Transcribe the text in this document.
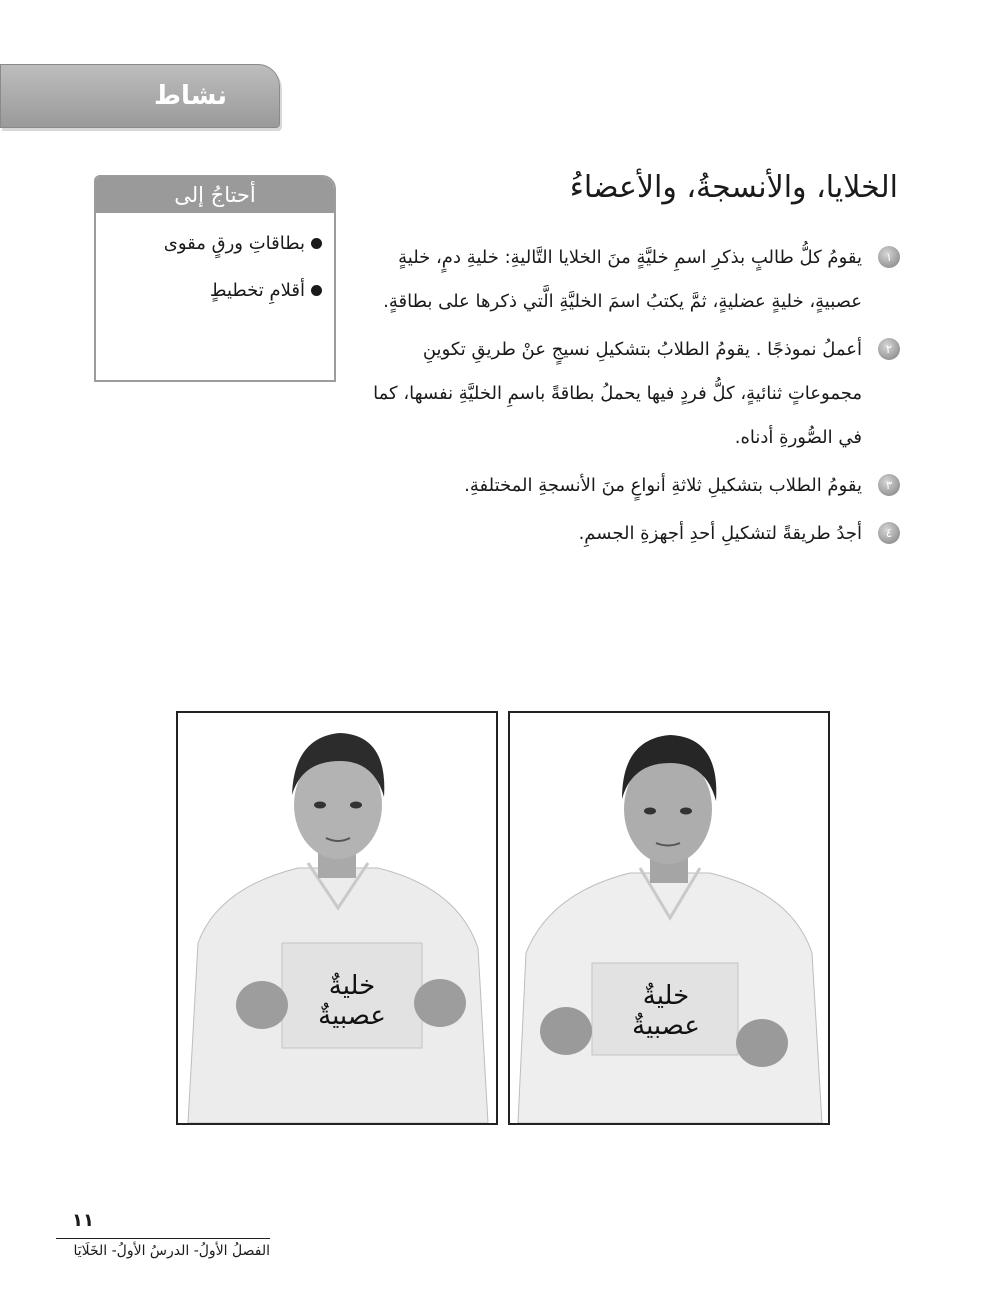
نشاط
الخلايا، والأنسجةُ، والأعضاءُ
أحتاجُ إلى
بطاقاتِ ورقٍ مقوى
أقلامِ تخطيطٍ
١
يقومُ كلُّ طالبٍ بذكرِ اسمِ خليَّةٍ منَ الخلايا التَّاليةِ: خليةِ دمٍ، خليةٍ عصبيةٍ، خليةٍ عضليةٍ، ثمَّ يكتبُ اسمَ الخليَّةِ الَّتي ذكرها على بطاقةٍ.
٢
أعملُ نموذجًا . يقومُ الطلابُ بتشكيلِ نسيجٍ عنْ طريقِ تكوينِ مجموعاتٍ ثنائيةٍ، كلُّ فردٍ فيها يحملُ بطاقةً باسمِ الخليَّةِ نفسها، كما في الصُّورةِ أدناه.
٣
يقومُ الطلاب بتشكيلِ ثلاثةِ أنواعٍ منَ الأنسجةِ المختلفةِ.
٤
أجدُ طريقةً لتشكيلِ أحدِ أجهزةِ الجسمِ.
خليةٌ
عصبيةٌ
خليةٌ
عصبيةٌ
١١
الفصلُ الأولُ- الدرسُ الأولُ- الخَلَايَا
